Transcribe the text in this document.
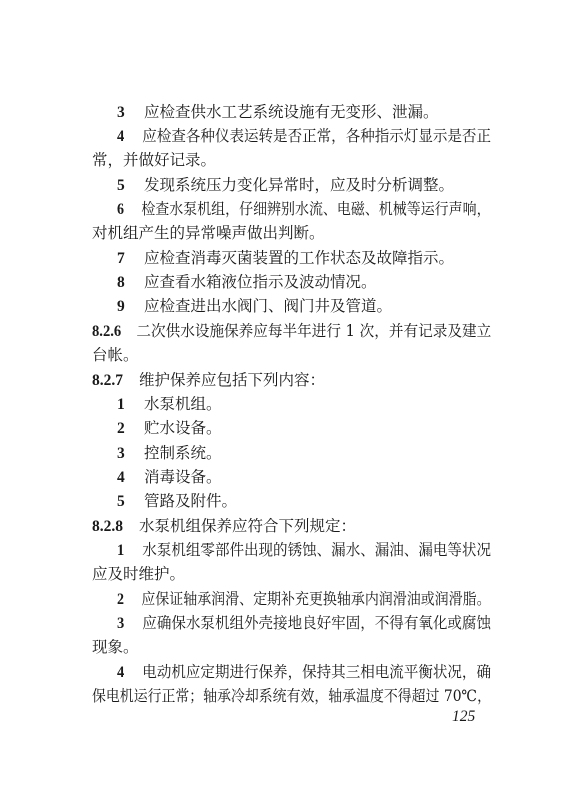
3 应检查供水工艺系统设施有无变形、泄漏。
4 应检查各种仪表运转是否正常，各种指示灯显示是否正
常，并做好记录。
5 发现系统压力变化异常时，应及时分析调整。
6 检查水泵机组，仔细辨别水流、电磁、机械等运行声响，
对机组产生的异常噪声做出判断。
7 应检查消毒灭菌装置的工作状态及故障指示。
8 应查看水箱液位指示及波动情况。
9 应检查进出水阀门、阀门井及管道。
8.2.6 二次供水设施保养应每半年进行 1 次，并有记录及建立
台帐。
8.2.7 维护保养应包括下列内容：
1 水泵机组。
2 贮水设备。
3 控制系统。
4 消毒设备。
5 管路及附件。
8.2.8 水泵机组保养应符合下列规定：
1 水泵机组零部件出现的锈蚀、漏水、漏油、漏电等状况
应及时维护。
2 应保证轴承润滑、定期补充更换轴承内润滑油或润滑脂。
3 应确保水泵机组外壳接地良好牢固，不得有氧化或腐蚀
现象。
4 电动机应定期进行保养，保持其三相电流平衡状况，确
保电机运行正常；轴承冷却系统有效，轴承温度不得超过 70℃，
125
